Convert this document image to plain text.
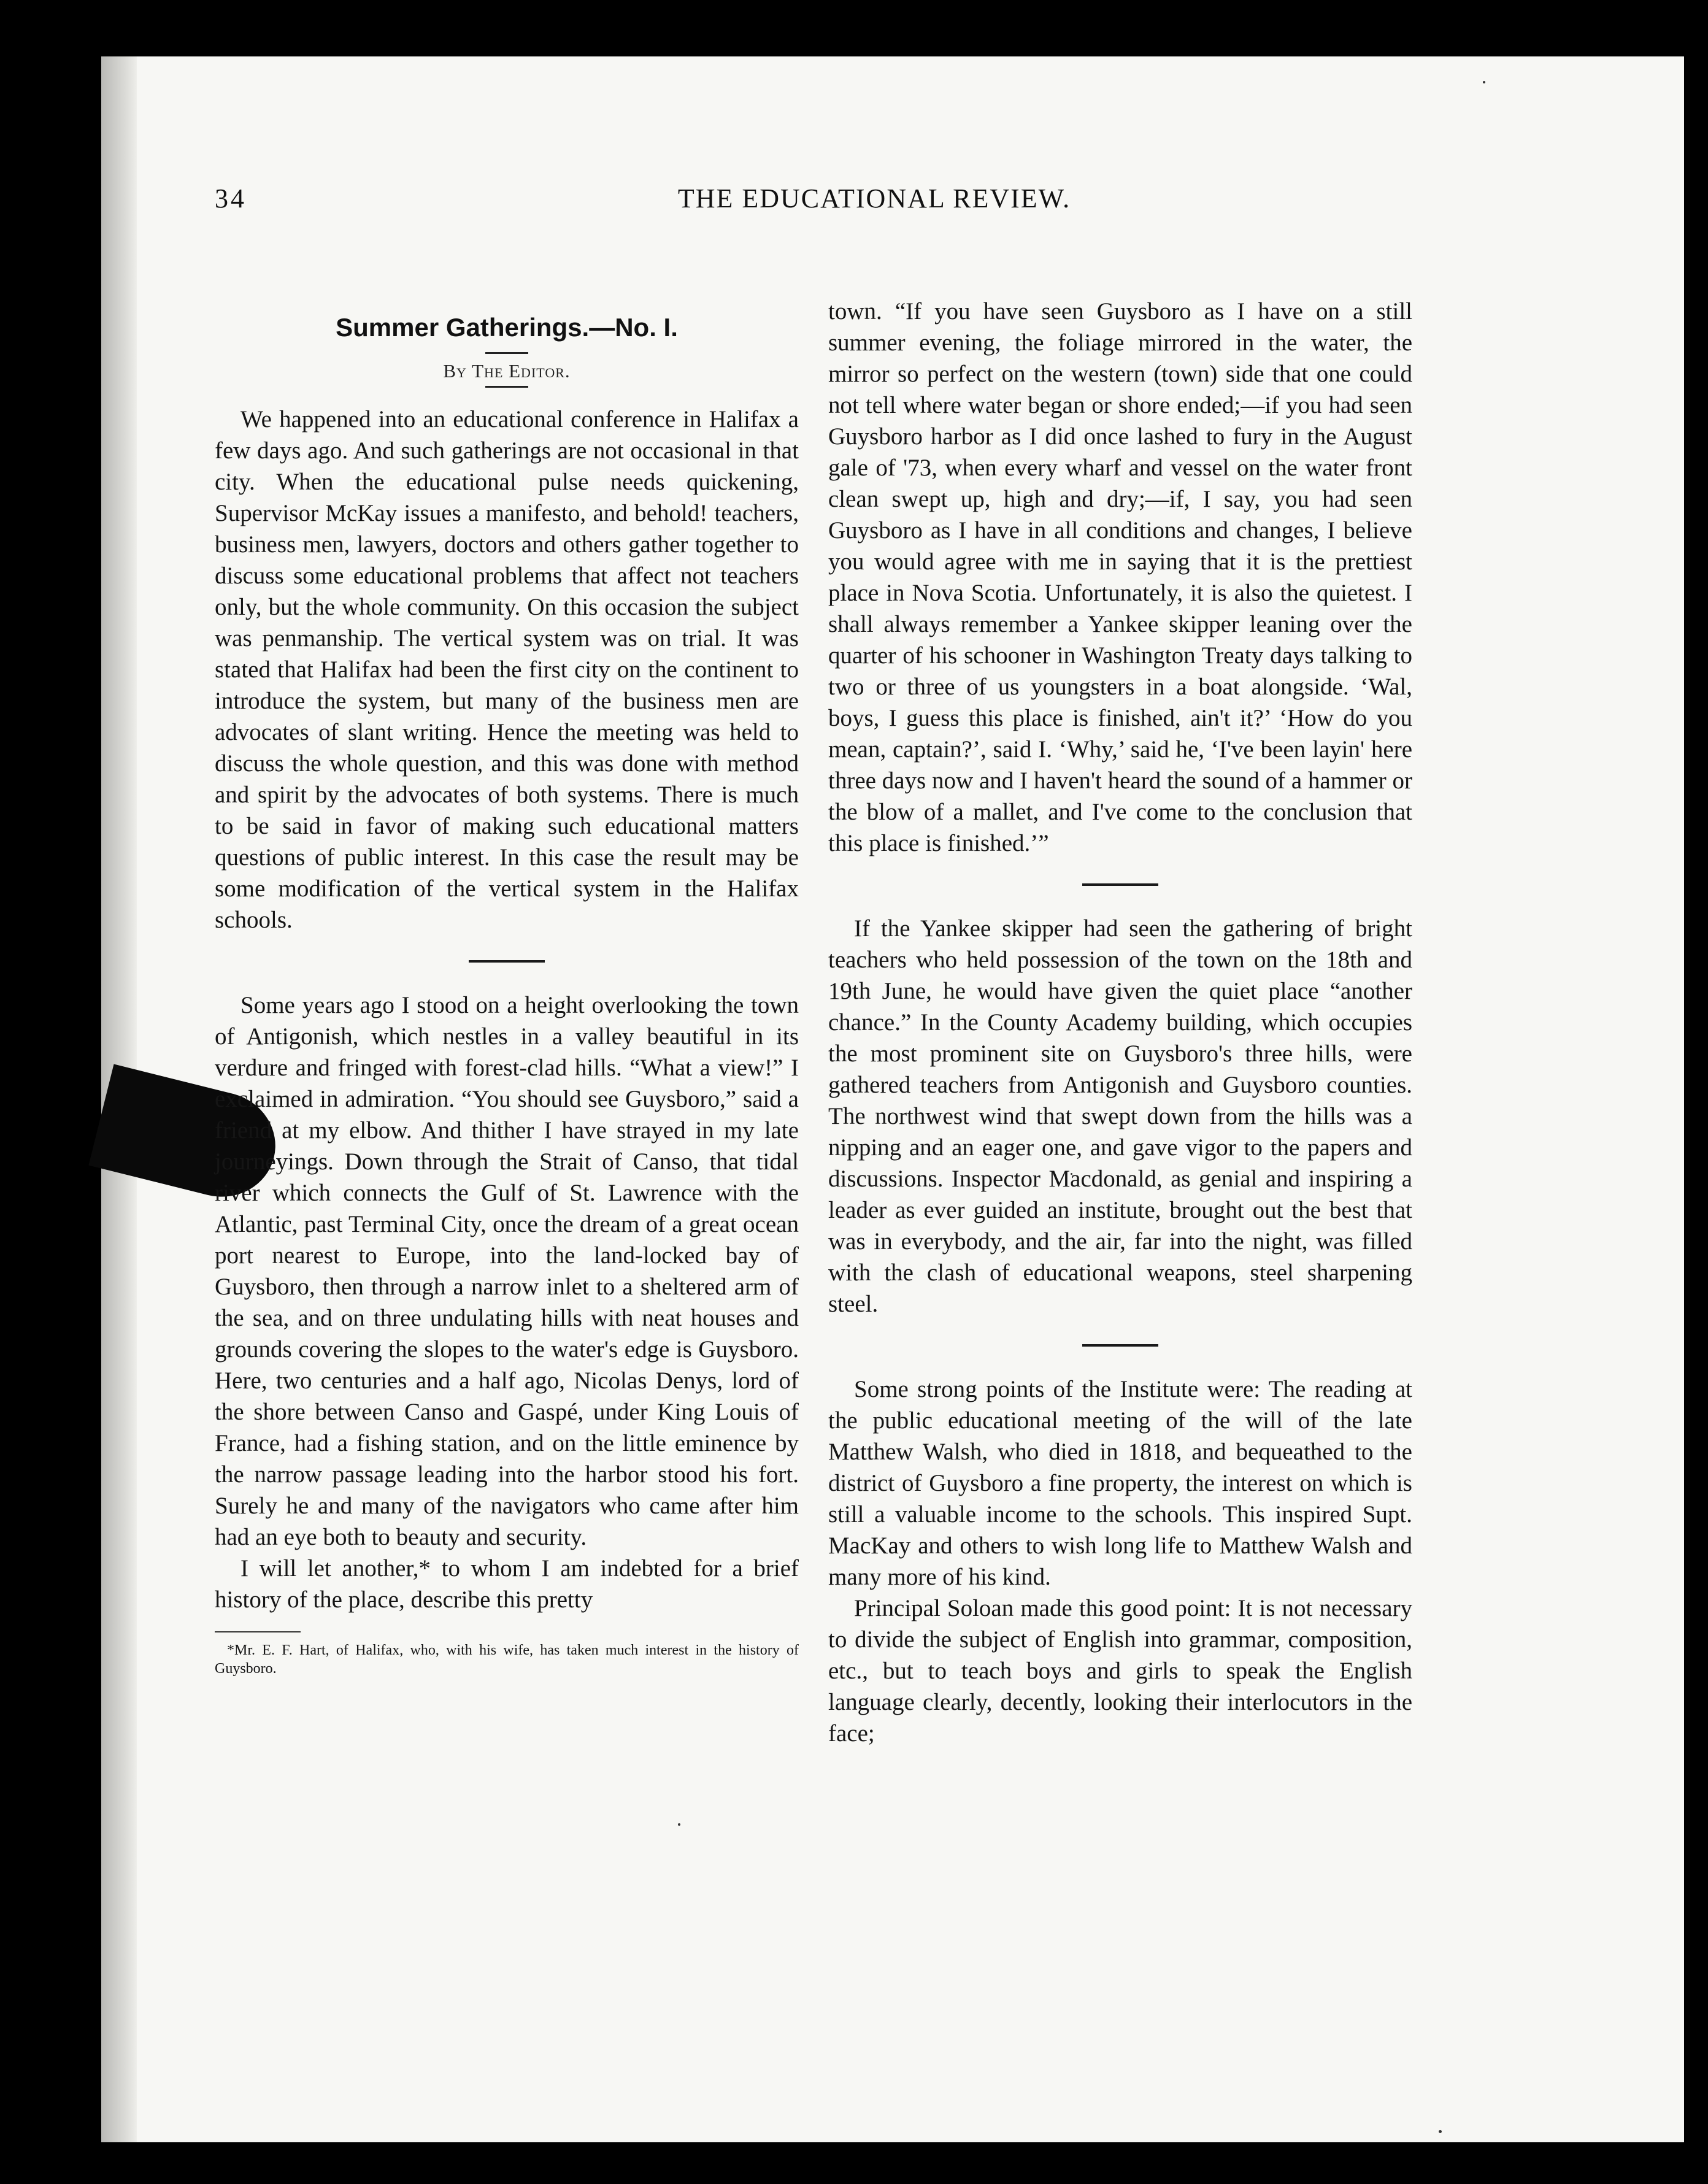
34	THE EDUCATIONAL REVIEW.
Summer Gatherings.—No. I.
By The Editor.

We happened into an educational conference in Halifax a few days ago. And such gatherings are not occasional in that city. When the educational pulse needs quickening, Supervisor McKay issues a manifesto, and behold! teachers, business men, lawyers, doctors and others gather together to discuss some educational problems that affect not teachers only, but the whole community. On this occasion the subject was penmanship. The vertical system was on trial. It was stated that Halifax had been the first city on the continent to introduce the system, but many of the business men are advocates of slant writing. Hence the meeting was held to discuss the whole question, and this was done with method and spirit by the advocates of both systems. There is much to be said in favor of making such educational matters questions of public interest. In this case the result may be some modification of the vertical system in the Halifax schools.

Some years ago I stood on a height overlooking the town of Antigonish, which nestles in a valley beautiful in its verdure and fringed with forest-clad hills. “What a view!” I exclaimed in admiration. “You should see Guysboro,” said a friend at my elbow. And thither I have strayed in my late journeyings. Down through the Strait of Canso, that tidal river which connects the Gulf of St. Lawrence with the Atlantic, past Terminal City, once the dream of a great ocean port nearest to Europe, into the land-locked bay of Guysboro, then through a narrow inlet to a sheltered arm of the sea, and on three undulating hills with neat houses and grounds covering the slopes to the water's edge is Guysboro. Here, two centuries and a half ago, Nicolas Denys, lord of the shore between Canso and Gaspé, under King Louis of France, had a fishing station, and on the little eminence by the narrow passage leading into the harbor stood his fort. Surely he and many of the navigators who came after him had an eye both to beauty and security.

I will let another,* to whom I am indebted for a brief history of the place, describe this pretty

*Mr. E. F. Hart, of Halifax, who, with his wife, has taken much interest in the history of Guysboro.

town. “If you have seen Guysboro as I have on a still summer evening, the foliage mirrored in the water, the mirror so perfect on the western (town) side that one could not tell where water began or shore ended;—if you had seen Guysboro harbor as I did once lashed to fury in the August gale of '73, when every wharf and vessel on the water front clean swept up, high and dry;—if, I say, you had seen Guysboro as I have in all conditions and changes, I believe you would agree with me in saying that it is the prettiest place in Nova Scotia. Unfortunately, it is also the quietest. I shall always remember a Yankee skipper leaning over the quarter of his schooner in Washington Treaty days talking to two or three of us youngsters in a boat alongside. ‘Wal, boys, I guess this place is finished, ain't it?’ ‘How do you mean, captain?’, said I. ‘Why,’ said he, ‘I've been layin' here three days now and I haven't heard the sound of a hammer or the blow of a mallet, and I've come to the conclusion that this place is finished.’”

If the Yankee skipper had seen the gathering of bright teachers who held possession of the town on the 18th and 19th June, he would have given the quiet place “another chance.” In the County Academy building, which occupies the most prominent site on Guysboro's three hills, were gathered teachers from Antigonish and Guysboro counties. The northwest wind that swept down from the hills was a nipping and an eager one, and gave vigor to the papers and discussions. Inspector Macdonald, as genial and inspiring a leader as ever guided an institute, brought out the best that was in everybody, and the air, far into the night, was filled with the clash of educational weapons, steel sharpening steel.

Some strong points of the Institute were: The reading at the public educational meeting of the will of the late Matthew Walsh, who died in 1818, and bequeathed to the district of Guysboro a fine property, the interest on which is still a valuable income to the schools. This inspired Supt. MacKay and others to wish long life to Matthew Walsh and many more of his kind.

Principal Soloan made this good point: It is not necessary to divide the subject of English into grammar, composition, etc., but to teach boys and girls to speak the English language clearly, decently, looking their interlocutors in the face;
